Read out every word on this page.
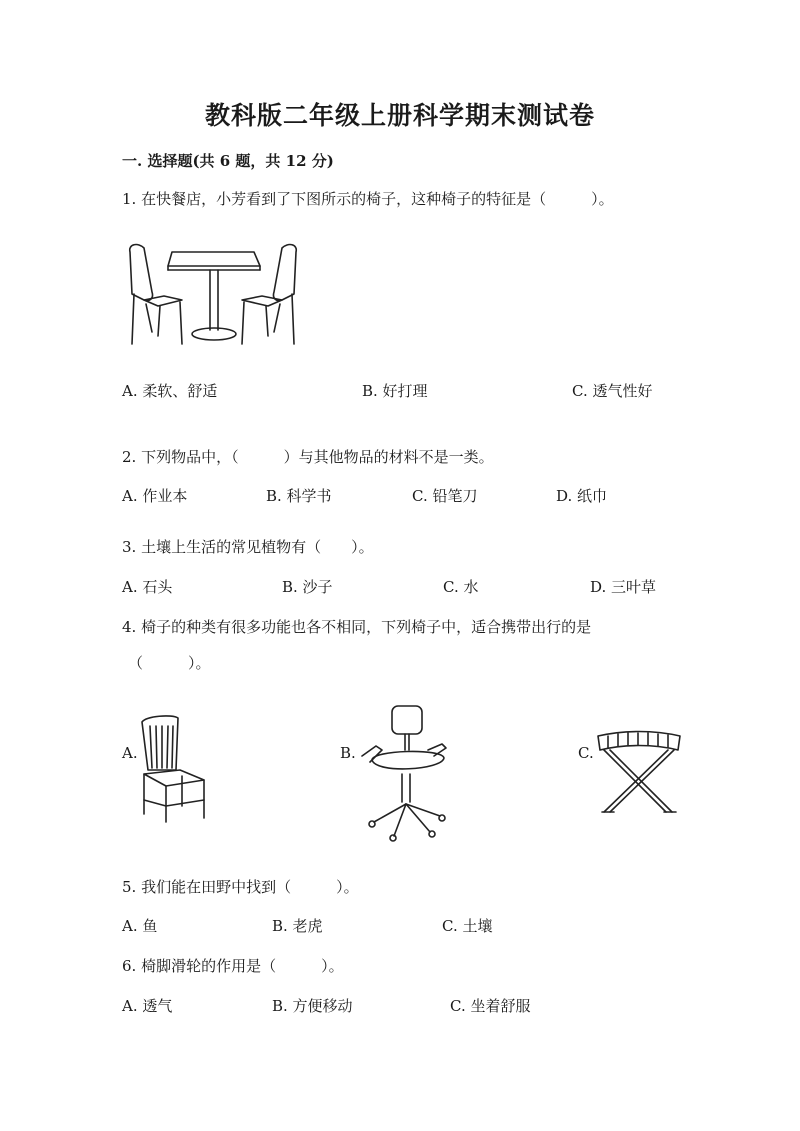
教科版二年级上册科学期末测试卷
一. 选择题(共 6 题，共 12 分)
1. 在快餐店，小芳看到了下图所示的椅子，这种椅子的特征是（　　　）。
A. 柔软、舒适	B. 好打理	C. 透气性好
2. 下列物品中，（　　　）与其他物品的材料不是一类。
A. 作业本	B. 科学书	C. 铅笔刀	D. 纸巾
3. 土壤上生活的常见植物有（　　）。
A. 石头	B. 沙子	C. 水	D. 三叶草
4. 椅子的种类有很多功能也各不相同，下列椅子中，适合携带出行的是
（　　　）。
A.	B.	C.
5. 我们能在田野中找到（　　　）。
A. 鱼	B. 老虎	C. 土壤
6. 椅脚滑轮的作用是（　　　）。
A. 透气	B. 方便移动	C. 坐着舒服
